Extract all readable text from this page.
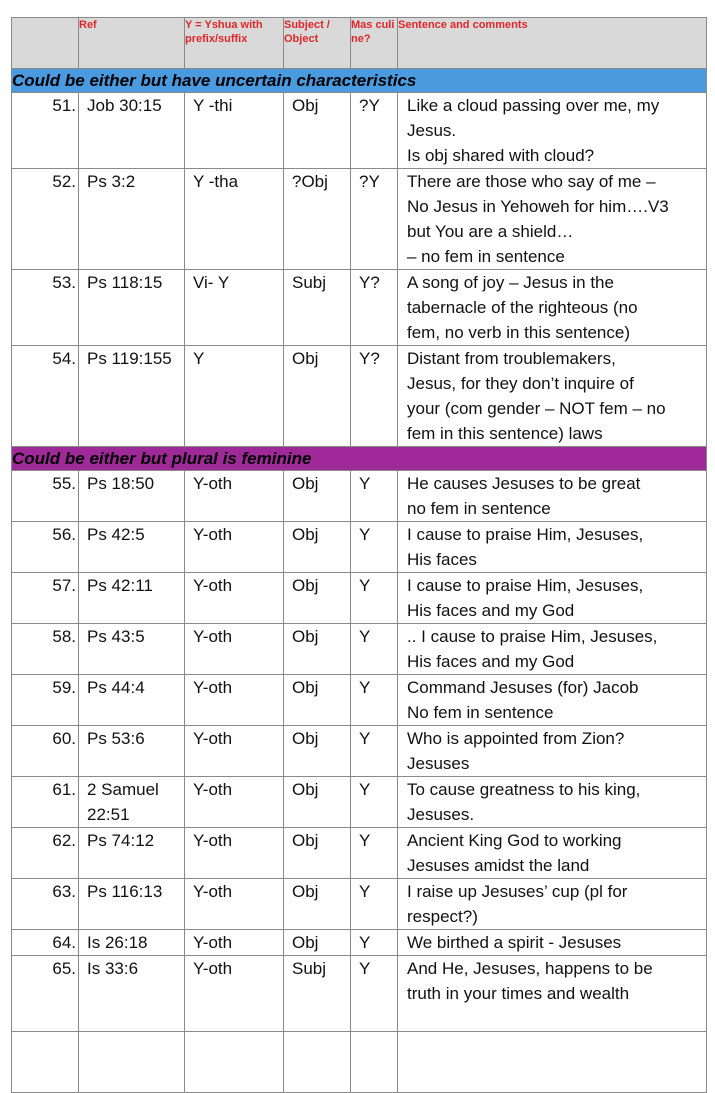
	Ref	Y = Yshua with prefix/suffix	Subject / Object	Mas culi ne?	Sentence and comments
Could be either but have uncertain characteristics					
51.	Job 30:15	Y -thi	Obj	?Y	Like a cloud passing over me, my
Jesus.
Is obj shared with cloud?

52.	Ps 3:2	Y -tha	?Obj	?Y	There are those who say of me –
No Jesus in Yehoweh for him….V3
but You are a shield…
– no fem in sentence

53.	Ps 118:15	Vi- Y	Subj	Y?	A song of joy – Jesus in the
tabernacle of the righteous (no
fem, no verb in this sentence)

54.	Ps 119:155	Y	Obj	Y?	Distant from troublemakers,
Jesus, for they don’t inquire of
your (com gender – NOT fem – no
fem in this sentence) laws

Could be either but plural is feminine					
55.	Ps 18:50	Y-oth	Obj	Y	He causes Jesuses to be great
no fem in sentence

56.	Ps 42:5	Y-oth	Obj	Y	I cause to praise Him, Jesuses,
His faces

57.	Ps 42:11	Y-oth	Obj	Y	I cause to praise Him, Jesuses,
His faces and my God

58.	Ps 43:5	Y-oth	Obj	Y	.. I cause to praise Him, Jesuses,
His faces and my God

59.	Ps 44:4	Y-oth	Obj	Y	Command Jesuses (for) Jacob
No fem in sentence

60.	Ps 53:6	Y-oth	Obj	Y	Who is appointed from Zion?
Jesuses

61.	2 Samuel 22:51	Y-oth	Obj	Y	To cause greatness to his king,
Jesuses.

62.	Ps 74:12	Y-oth	Obj	Y	Ancient King God to working
Jesuses amidst the land

63.	Ps 116:13	Y-oth	Obj	Y	I raise up Jesuses’ cup (pl for
respect?)

64.	Is 26:18	Y-oth	Obj	Y	We birthed a spirit - Jesuses

65.	Is 33:6	Y-oth	Subj	Y	And He, Jesuses, happens to be
truth in your times and wealth
